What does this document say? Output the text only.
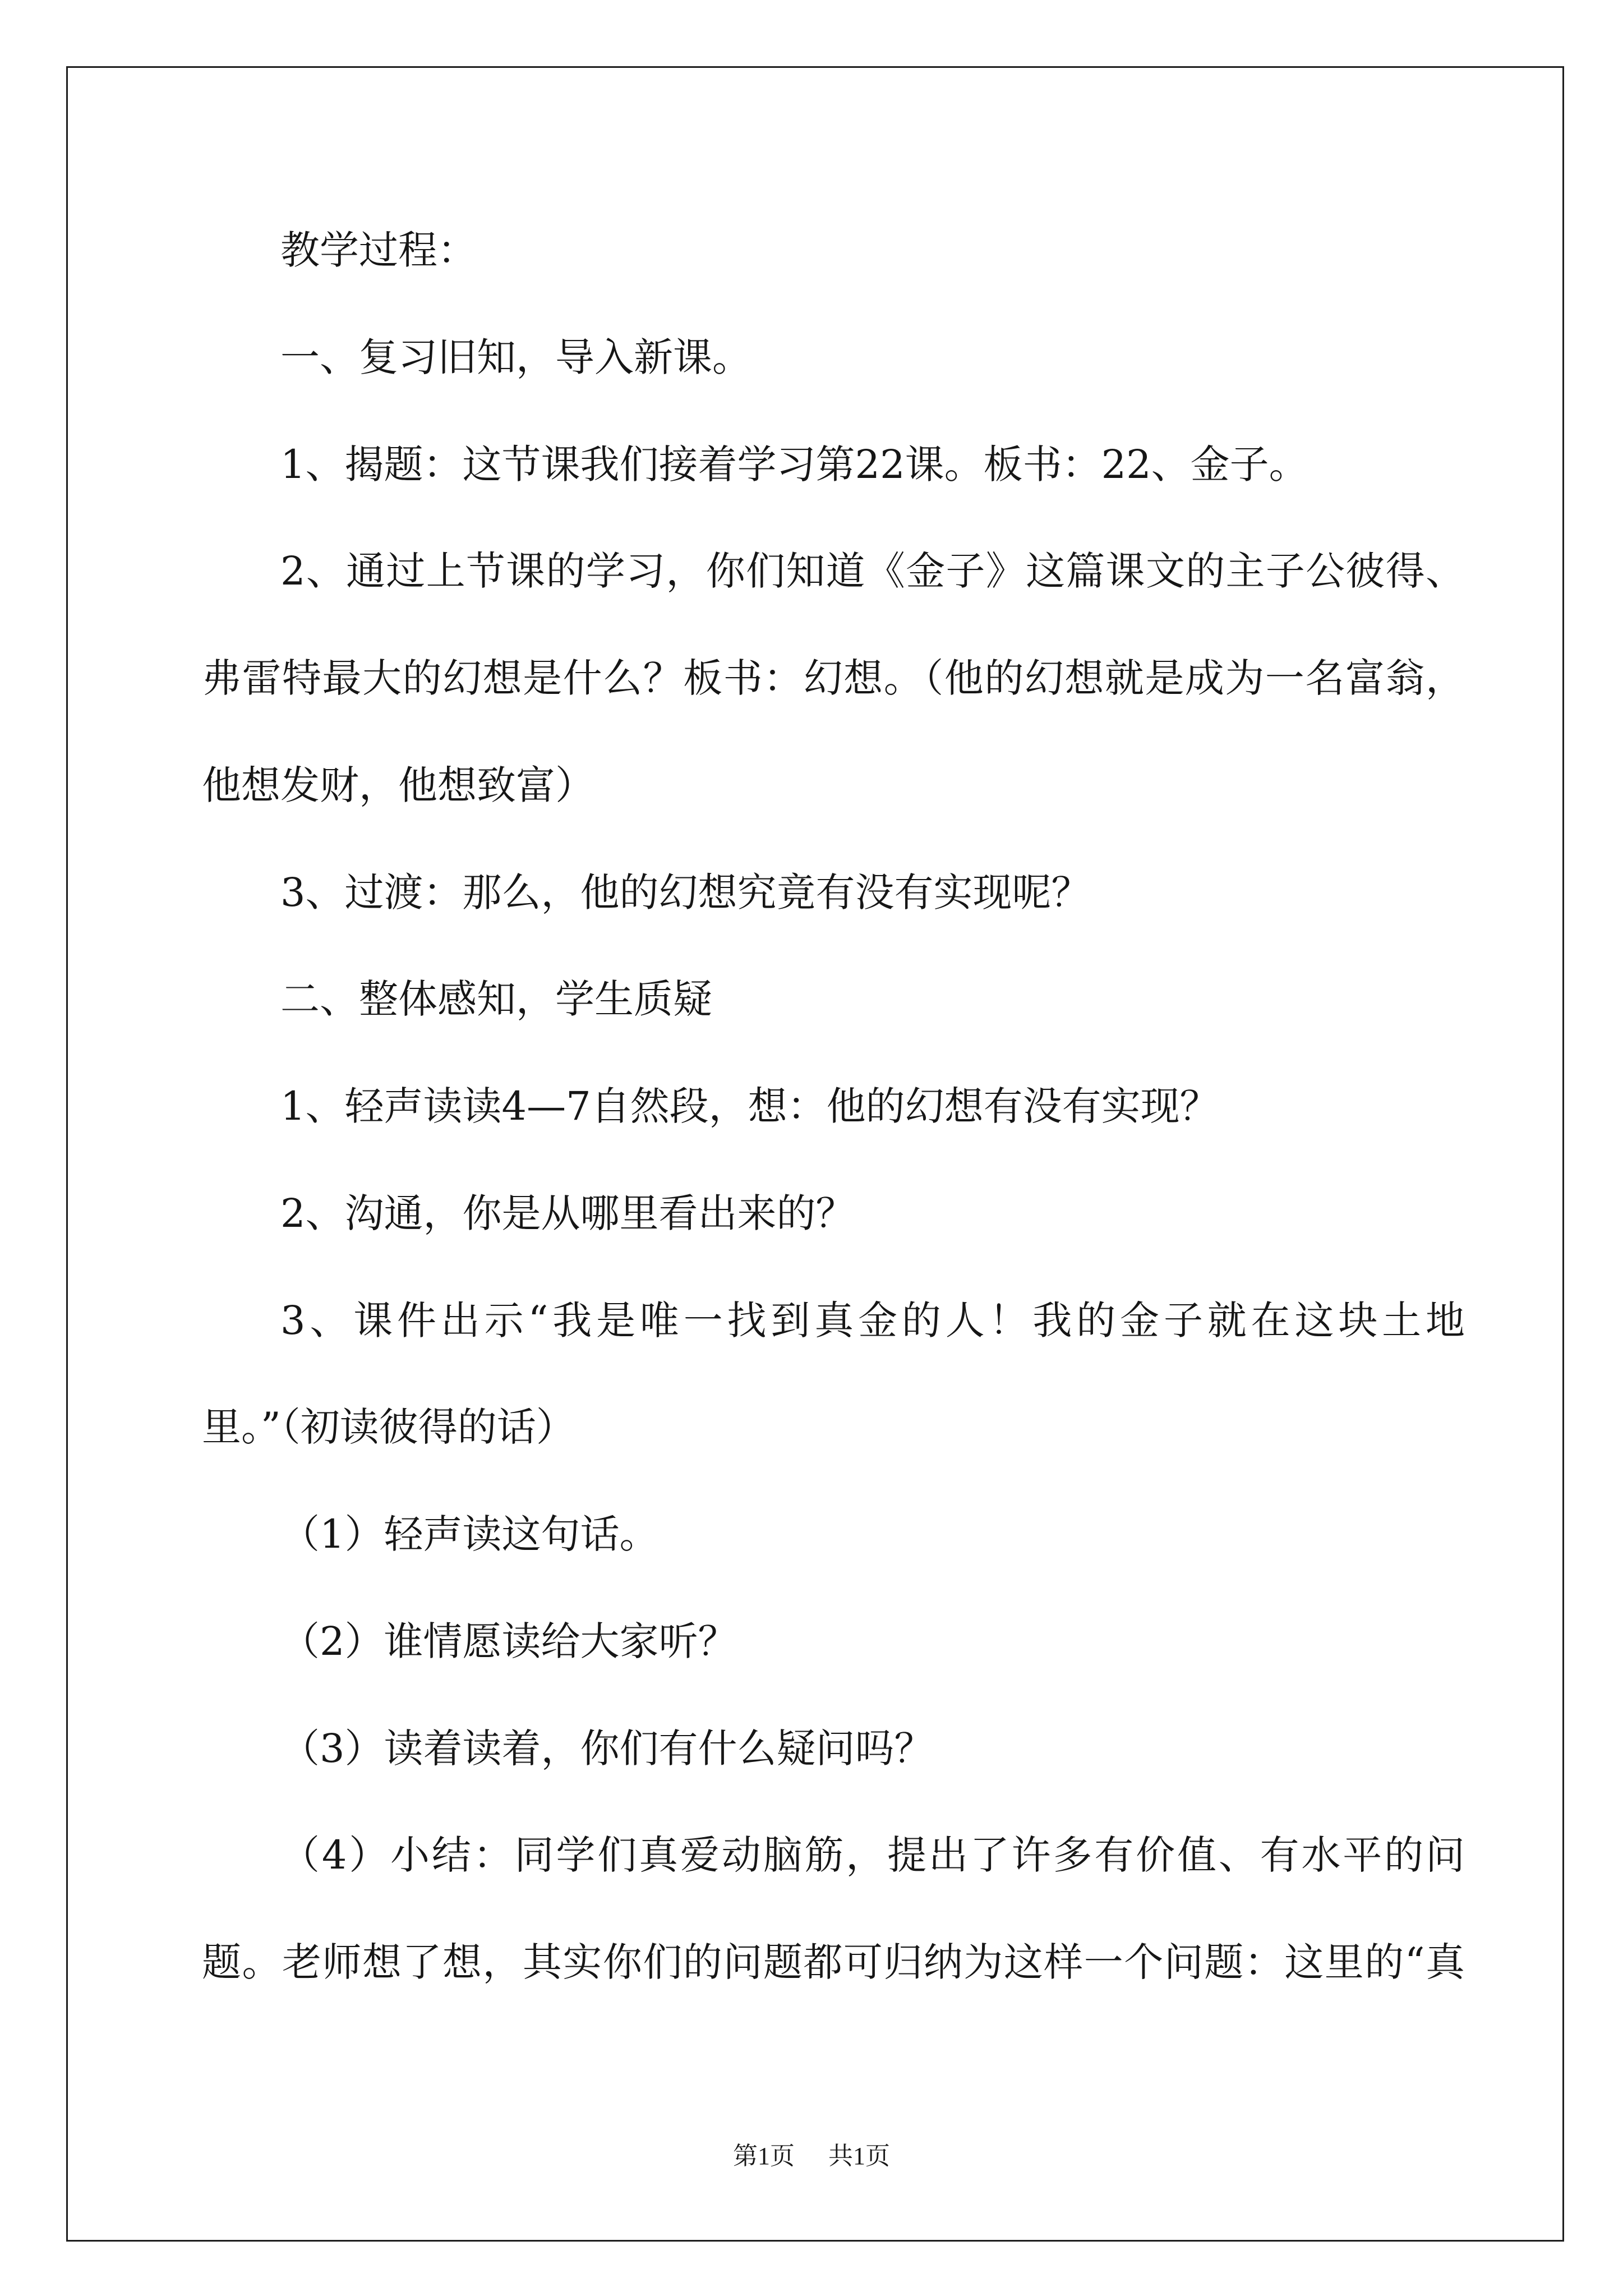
教学过程：
一、复习旧知，导入新课。
1、揭题：这节课我们接着学习第22课。板书：22、金子。
2、通过上节课的学习，你们知道《金子》这篇课文的主子公彼得、
弗雷特最大的幻想是什么？板书：幻想。（他的幻想就是成为一名富翁，
他想发财，他想致富）
3、过渡：那么，他的幻想究竟有没有实现呢？
二、整体感知，学生质疑
1、轻声读读4—7自然段，想：他的幻想有没有实现？
2、沟通，你是从哪里看出来的？
3、课件出示“我是唯一找到真金的人！我的金子就在这块土地
里。”（初读彼得的话）
（1）轻声读这句话。
（2）谁情愿读给大家听？
（3）读着读着，你们有什么疑问吗？
（4）小结：同学们真爱动脑筋，提出了许多有价值、有水平的问
题。老师想了想，其实你们的问题都可归纳为这样一个问题：这里的“真
第1页 共1页
